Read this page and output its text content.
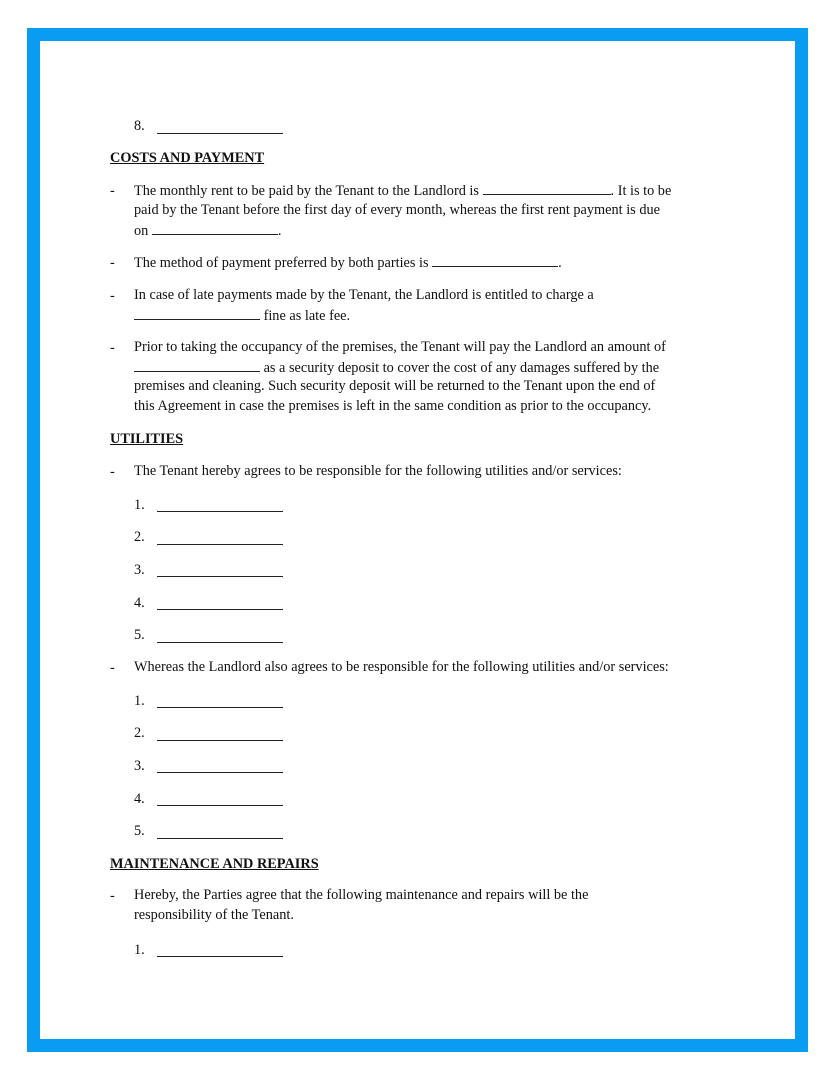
8.
COSTS AND PAYMENT
- The monthly rent to be paid by the Tenant to the Landlord is	. It is to be
paid by the Tenant before the first day of every month, whereas the first rent payment is due
on	.
- The method of payment preferred by both parties is	.
- In case of late payments made by the Tenant, the Landlord is entitled to charge a
fine as late fee.
- Prior to taking the occupancy of the premises, the Tenant will pay the Landlord an amount of
as a security deposit to cover the cost of any damages suffered by the
premises and cleaning. Such security deposit will be returned to the Tenant upon the end of
this Agreement in case the premises is left in the same condition as prior to the occupancy.
UTILITIES
- The Tenant hereby agrees to be responsible for the following utilities and/or services:
1.
2.
3.
4.
5.
- Whereas the Landlord also agrees to be responsible for the following utilities and/or services:
1.
2.
3.
4.
5.
MAINTENANCE AND REPAIRS
- Hereby, the Parties agree that the following maintenance and repairs will be the
responsibility of the Tenant.
1.
